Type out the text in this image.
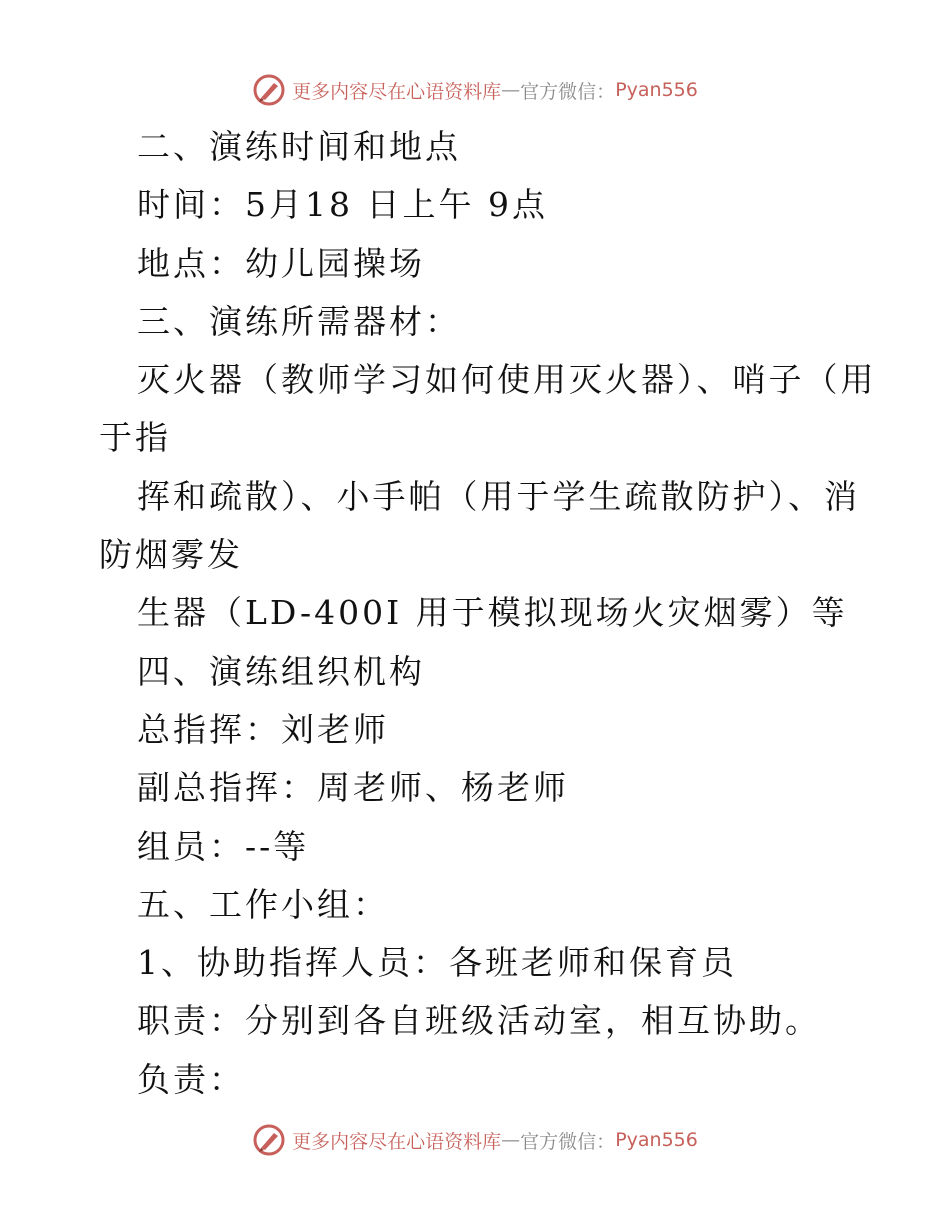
更多内容尽在心语资料库 — 官方微信： Pyan556
二、演练时间和地点
时间：5月18 日上午 9点
地点：幼儿园操场
三、演练所需器材：
灭火器（教师学习如何使用灭火器）、哨子（用
于指
挥和疏散）、小手帕（用于学生疏散防护）、消
防烟雾发
生器（LD-400I 用于模拟现场火灾烟雾）等
四、演练组织机构
总指挥：刘老师
副总指挥：周老师、杨老师
组员：--等
五、工作小组：
1、协助指挥人员：各班老师和保育员
职责：分别到各自班级活动室，相互协助。
负责：
更多内容尽在心语资料库 — 官方微信： Pyan556
